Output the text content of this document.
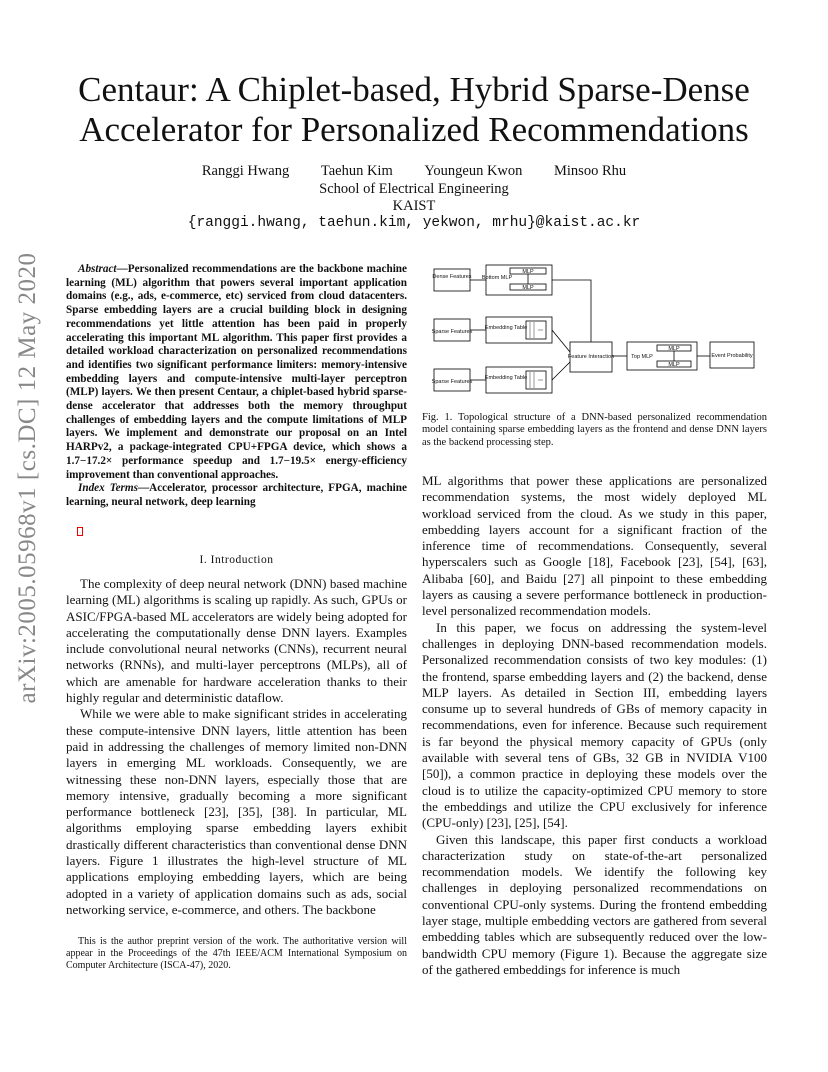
Centaur: A Chiplet-based, Hybrid Sparse-Dense
Accelerator for Personalized Recommendations
Ranggi Hwang Taehun Kim Youngeun Kwon Minsoo Rhu
School of Electrical Engineering
KAIST
{ranggi.hwang, taehun.kim, yekwon, mrhu}@kaist.ac.kr
arXiv:2005.05968v1 [cs.DC] 12 May 2020	Abstract—Personalized recommendations are the backbone machine learning (ML) algorithm that powers several important application domains (e.g., ads, e-commerce, etc) serviced from cloud datacenters. Sparse embedding layers are a crucial building block in designing recommendations yet little attention has been paid in properly accelerating this important ML algorithm. This paper first provides a detailed workload characterization on personalized recommendations and identifies two significant performance limiters: memory-intensive embedding layers and compute-intensive multi-layer perceptron (MLP) layers. We then present Centaur, a chiplet-based hybrid sparse-dense accelerator that addresses both the memory throughput challenges of embedding layers and the compute limitations of MLP layers. We implement and demonstrate our proposal on an Intel HARPv2, a package-integrated CPU+FPGA device, which shows a 1.7−17.2× performance speedup and 1.7−19.5× energy-efficiency improvement than conventional approaches.

Index Terms—Accelerator, processor architecture, FPGA, machine learning, neural network, deep learning

I. Introduction

The complexity of deep neural network (DNN) based machine learning (ML) algorithms is scaling up rapidly. As such, GPUs or ASIC/FPGA-based ML accelerators are widely being adopted for accelerating the computationally dense DNN layers. Examples include convolutional neural networks (CNNs), recurrent neural networks (RNNs), and multi-layer perceptrons (MLPs), all of which are amenable for hardware acceleration thanks to their highly regular and deterministic dataflow.

While we were able to make significant strides in accelerating these compute-intensive DNN layers, little attention has been paid in addressing the challenges of memory limited non-DNN layers in emerging ML workloads. Consequently, we are witnessing these non-DNN layers, especially those that are memory intensive, gradually becoming a more significant performance bottleneck [23], [35], [38]. In particular, ML algorithms employing sparse embedding layers exhibit drastically different characteristics than conventional dense DNN layers. Figure 1 illustrates the high-level structure of ML applications employing embedding layers, which are being adopted in a variety of application domains such as ads, social networking service, e-commerce, and others. The backbone

This is the author preprint version of the work. The authoritative version will appear in the Proceedings of the 47th IEEE/ACM International Symposium on Computer Architecture (ISCA-47), 2020.

Dense Features Bottom MLP
MLP
MLP
Sparse Features
Embedding Table
Sparse Features
Embedding Table
Feature Interaction	Top MLP
MLP
MLP
Event Probability
Fig. 1. Topological structure of a DNN-based personalized recommendation model containing sparse embedding layers as the frontend and dense DNN layers as the backend processing step.

ML algorithms that power these applications are personalized recommendation systems, the most widely deployed ML workload serviced from the cloud. As we study in this paper, embedding layers account for a significant fraction of the inference time of recommendations. Consequently, several hyperscalers such as Google [18], Facebook [23], [54], [63], Alibaba [60], and Baidu [27] all pinpoint to these embedding layers as causing a severe performance bottleneck in production-level personalized recommendation models.

In this paper, we focus on addressing the system-level challenges in deploying DNN-based recommendation models. Personalized recommendation consists of two key modules: (1) the frontend, sparse embedding layers and (2) the backend, dense MLP layers. As detailed in Section III, embedding layers consume up to several hundreds of GBs of memory capacity in recommendations, even for inference. Because such requirement is far beyond the physical memory capacity of GPUs (only available with several tens of GBs, 32 GB in NVIDIA V100 [50]), a common practice in deploying these models over the cloud is to utilize the capacity-optimized CPU memory to store the embeddings and utilize the CPU exclusively for inference (CPU-only) [23], [25], [54].

Given this landscape, this paper first conducts a workload characterization study on state-of-the-art personalized recommendation models. We identify the following key challenges in deploying personalized recommendations on conventional CPU-only systems. During the frontend embedding layer stage, multiple embedding vectors are gathered from several embedding tables which are subsequently reduced over the low-bandwidth CPU memory (Figure 1). Because the aggregate size of the gathered embeddings for inference is much
